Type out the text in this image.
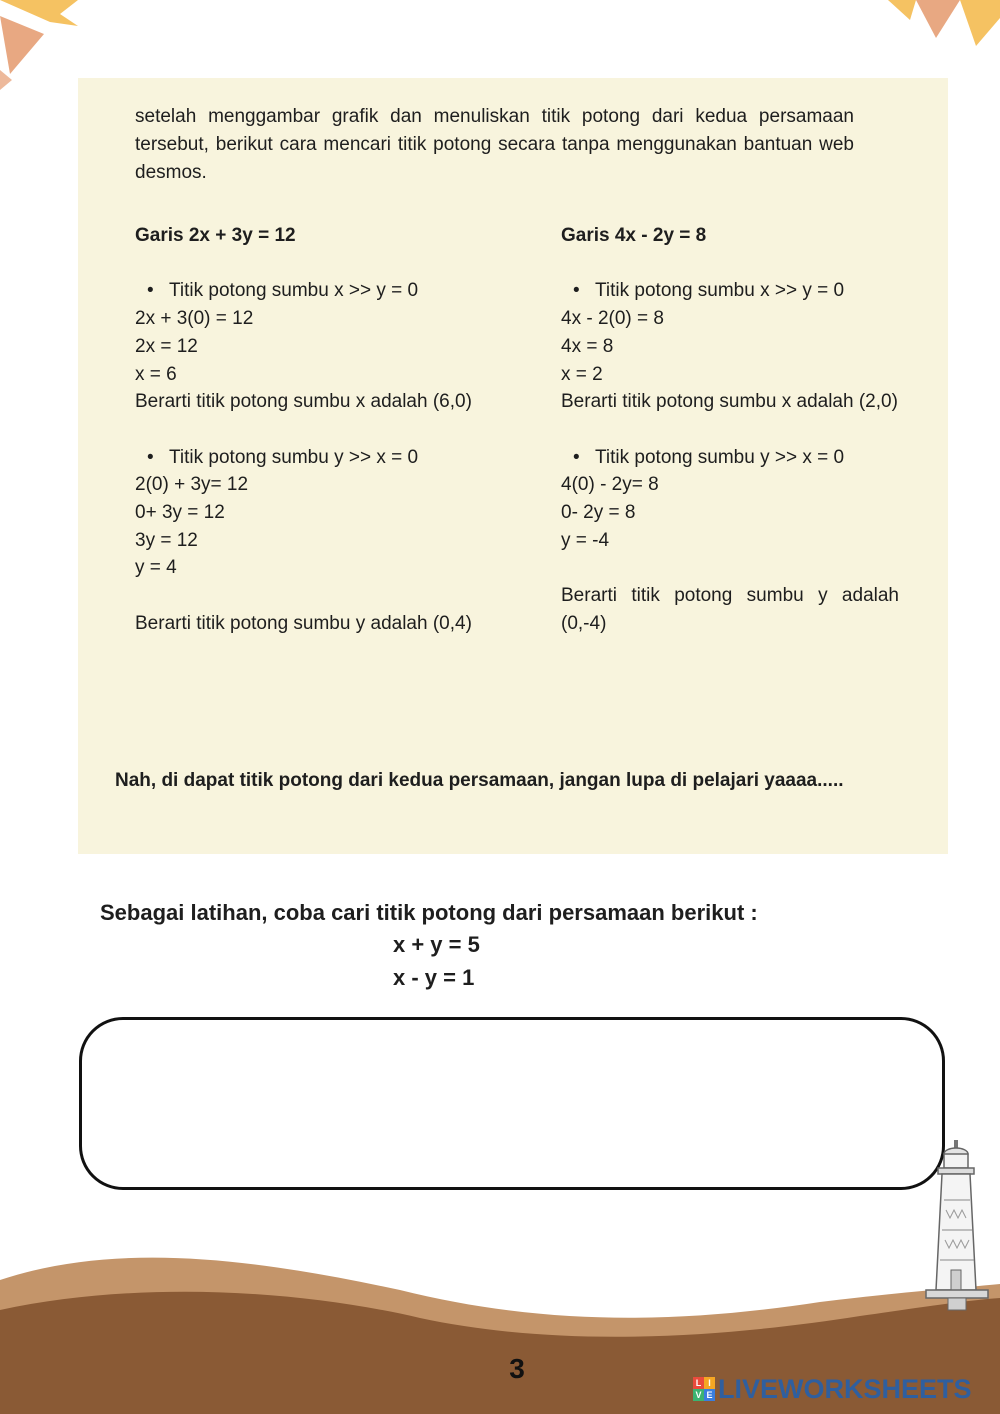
setelah menggambar grafik dan menuliskan titik potong dari kedua persamaan tersebut, berikut cara mencari titik potong secara tanpa menggunakan bantuan web desmos.

Garis 2x + 3y = 12

• Titik potong sumbu x >> y = 0

2x + 3(0) = 12

2x = 12

x = 6

Berarti titik potong sumbu x adalah (6,0)

• Titik potong sumbu y >> x = 0

2(0) + 3y= 12

0+ 3y = 12

3y = 12

y = 4

Berarti titik potong sumbu y adalah (0,4)

Garis 4x - 2y = 8

• Titik potong sumbu x >> y = 0

4x - 2(0) = 8

4x = 8

x = 2

Berarti titik potong sumbu x adalah (2,0)

• Titik potong sumbu y >> x = 0

4(0) - 2y= 8

0- 2y = 8

y = -4

Berarti titik potong sumbu y adalah (0,-4)

Nah, di dapat titik potong dari kedua persamaan, jangan lupa di pelajari yaaaa.....
Sebagai latihan, coba cari titik potong dari persamaan berikut :
x + y = 5
x - y = 1
3	L I
V E LIVEWORKSHEETS
